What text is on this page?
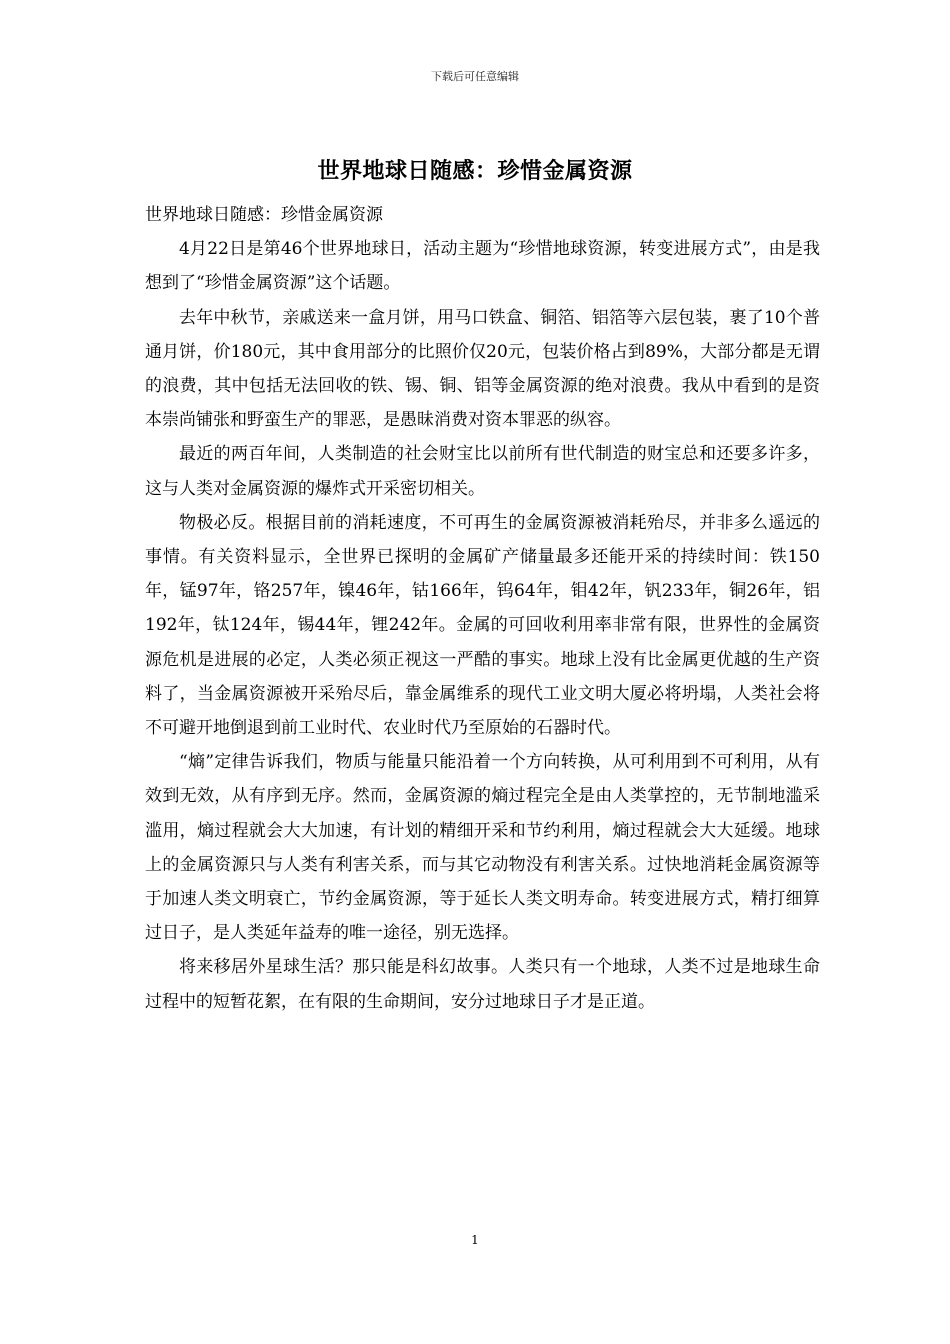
下载后可任意编辑
世界地球日随感：珍惜金属资源

世界地球日随感：珍惜金属资源

4月22日是第46个世界地球日，活动主题为“珍惜地球资源，转变进展方式”，由是我想到了“珍惜金属资源”这个话题。

去年中秋节，亲戚送来一盒月饼，用马口铁盒、铜箔、铝箔等六层包装，裹了10个普通月饼，价180元，其中食用部分的比照价仅20元，包装价格占到89%，大部分都是无谓的浪费，其中包括无法回收的铁、锡、铜、铝等金属资源的绝对浪费。我从中看到的是资本崇尚铺张和野蛮生产的罪恶，是愚昧消费对资本罪恶的纵容。

最近的两百年间，人类制造的社会财宝比以前所有世代制造的财宝总和还要多许多，这与人类对金属资源的爆炸式开采密切相关。

物极必反。根据目前的消耗速度，不可再生的金属资源被消耗殆尽，并非多么遥远的事情。有关资料显示，全世界已探明的金属矿产储量最多还能开采的持续时间：铁150年，锰97年，铬257年，镍46年，钴166年，钨64年，钼42年，钒233年，铜26年，铝192年，钛124年，锡44年，锂242年。金属的可回收利用率非常有限，世界性的金属资源危机是进展的必定，人类必须正视这一严酷的事实。地球上没有比金属更优越的生产资料了，当金属资源被开采殆尽后，靠金属维系的现代工业文明大厦必将坍塌，人类社会将不可避开地倒退到前工业时代、农业时代乃至原始的石器时代。

“熵”定律告诉我们，物质与能量只能沿着一个方向转换，从可利用到不可利用，从有效到无效，从有序到无序。然而，金属资源的熵过程完全是由人类掌控的，无节制地滥采滥用，熵过程就会大大加速，有计划的精细开采和节约利用，熵过程就会大大延缓。地球上的金属资源只与人类有利害关系，而与其它动物没有利害关系。过快地消耗金属资源等于加速人类文明衰亡，节约金属资源，等于延长人类文明寿命。转变进展方式，精打细算过日子，是人类延年益寿的唯一途径，别无选择。

将来移居外星球生活？那只能是科幻故事。人类只有一个地球，人类不过是地球生命过程中的短暂花絮，在有限的生命期间，安分过地球日子才是正道。

1
